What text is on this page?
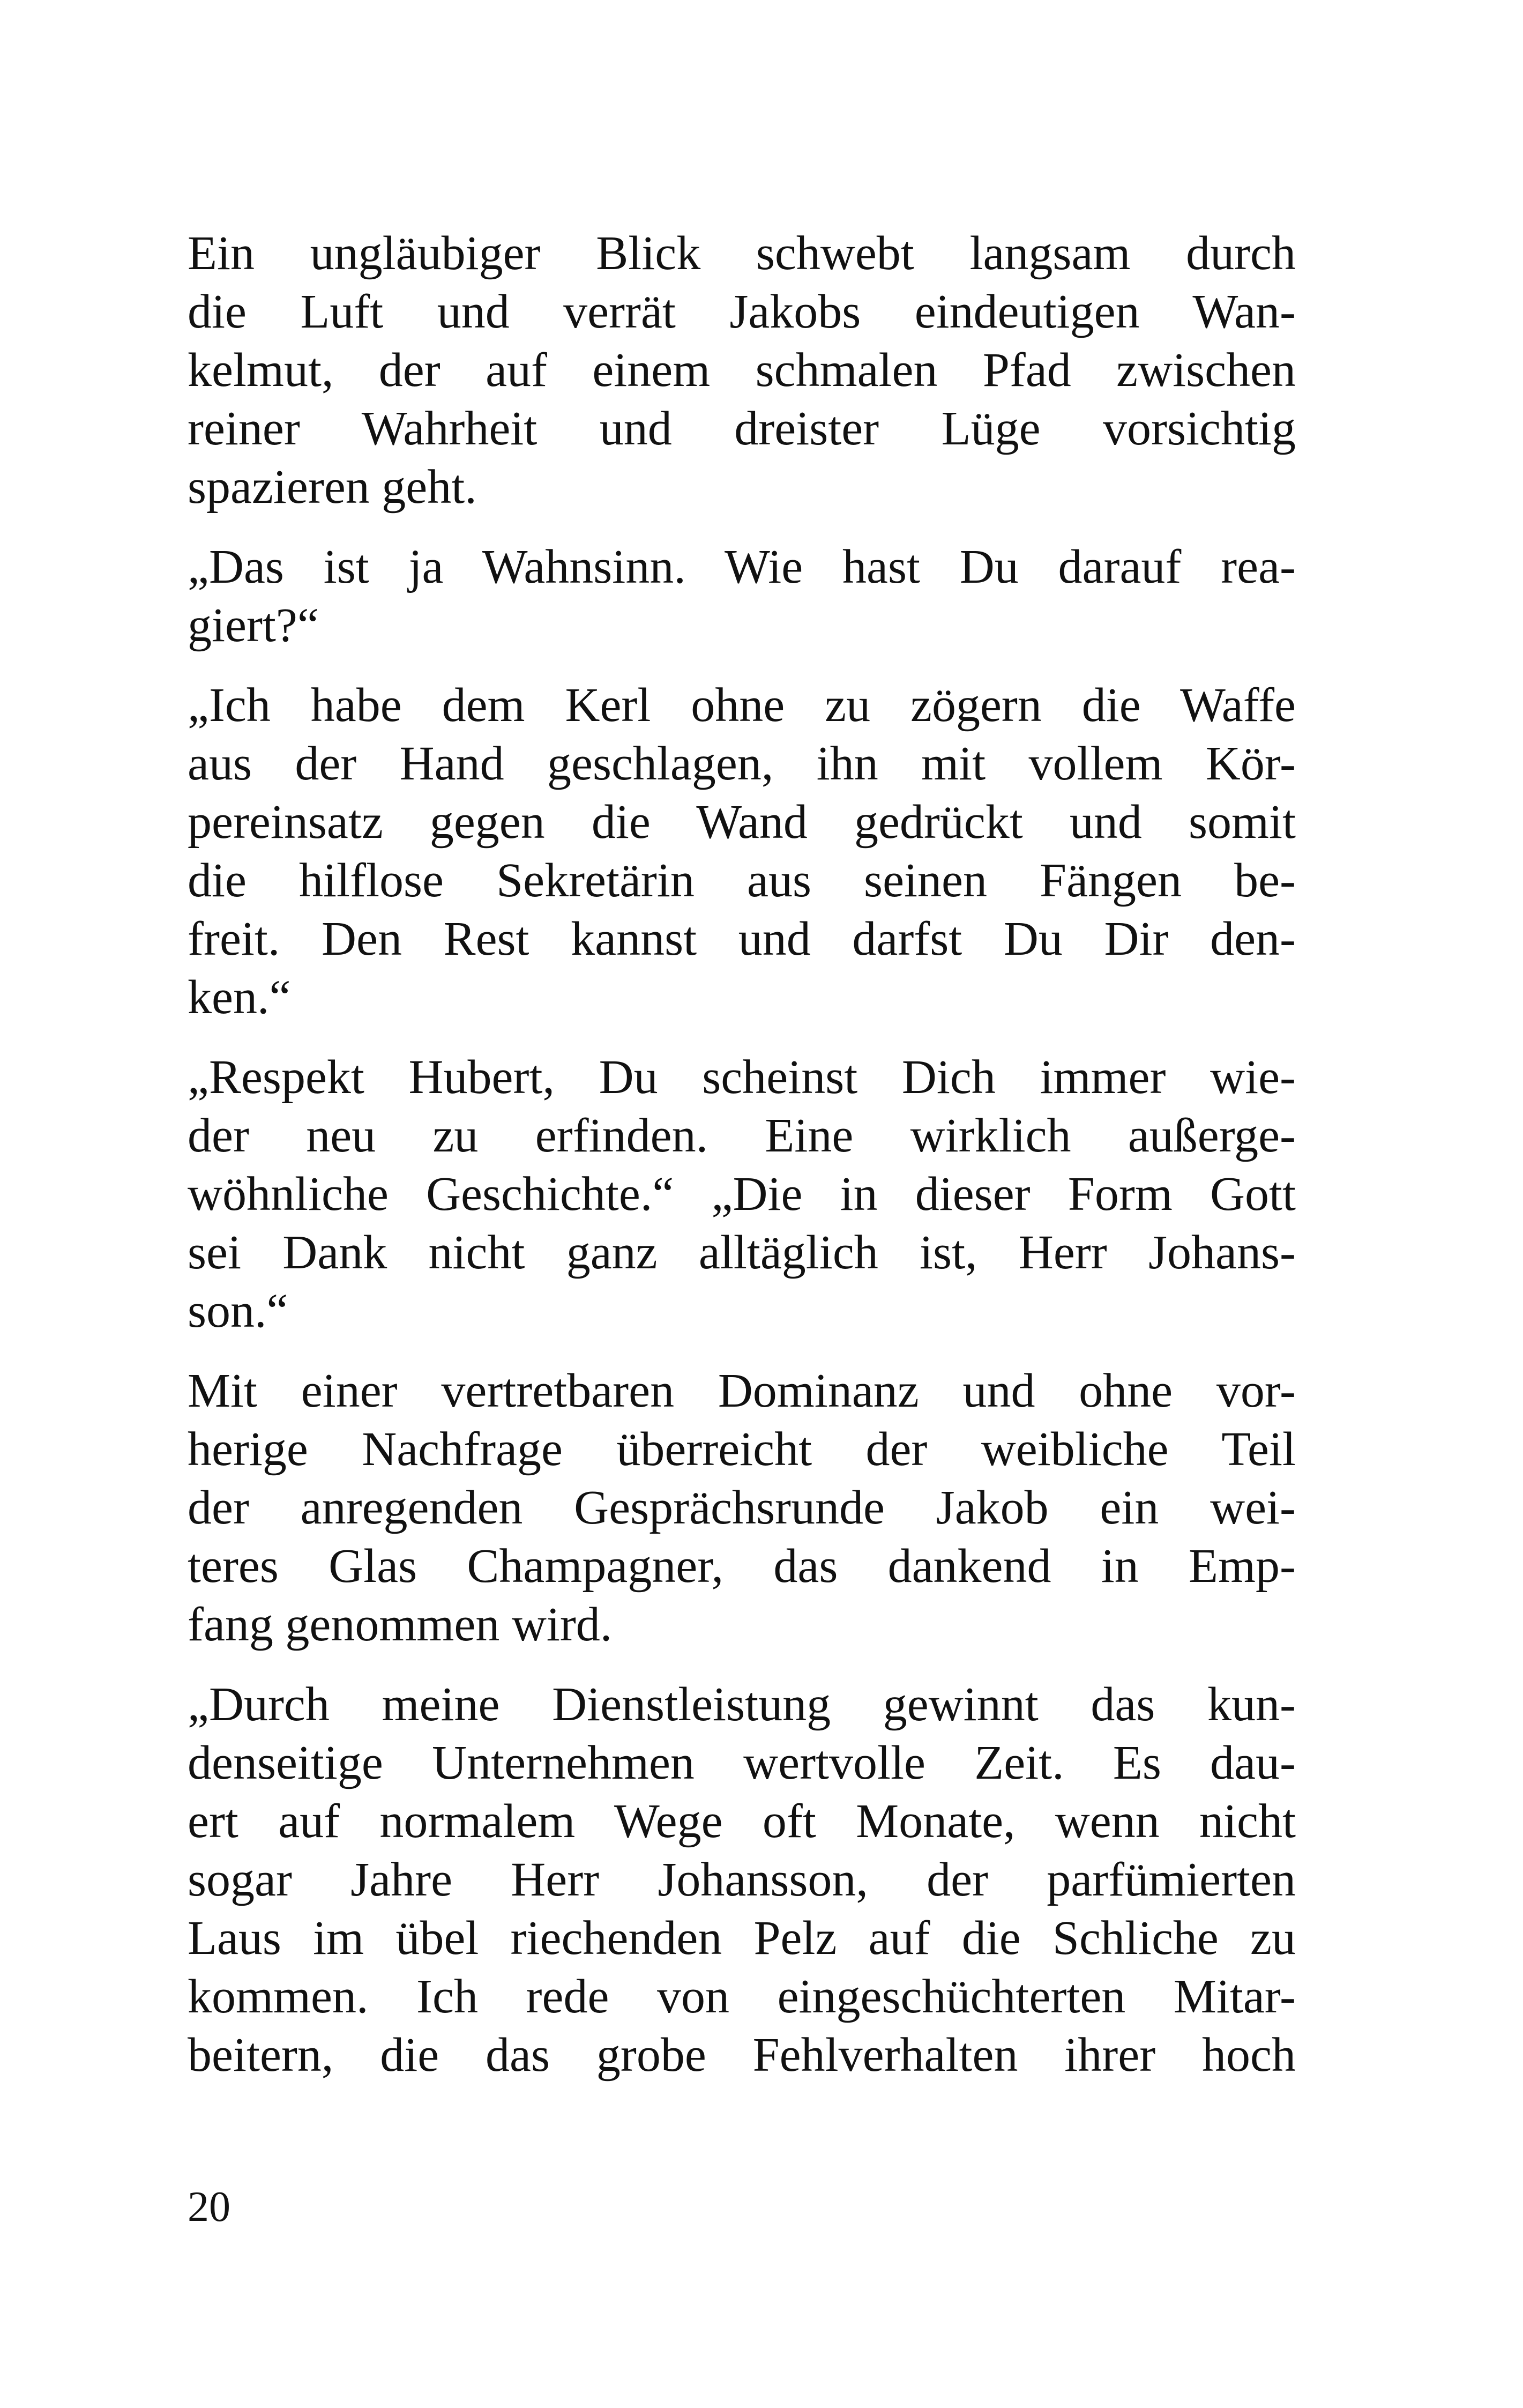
Ein ungläubiger Blick schwebt langsam durch
die Luft und verrät Jakobs eindeutigen Wan-
kelmut, der auf einem schmalen Pfad zwischen
reiner Wahrheit und dreister Lüge vorsichtig
spazieren geht.

„Das ist ja Wahnsinn. Wie hast Du darauf rea-
giert?“

„Ich habe dem Kerl ohne zu zögern die Waffe
aus der Hand geschlagen, ihn mit vollem Kör-
pereinsatz gegen die Wand gedrückt und somit
die hilflose Sekretärin aus seinen Fängen be-
freit. Den Rest kannst und darfst Du Dir den-
ken.“

„Respekt Hubert, Du scheinst Dich immer wie-
der neu zu erfinden. Eine wirklich außerge-
wöhnliche Geschichte.“ „Die in dieser Form Gott
sei Dank nicht ganz alltäglich ist, Herr Johans-
son.“

Mit einer vertretbaren Dominanz und ohne vor-
herige Nachfrage überreicht der weibliche Teil
der anregenden Gesprächsrunde Jakob ein wei-
teres Glas Champagner, das dankend in Emp-
fang genommen wird.

„Durch meine Dienstleistung gewinnt das kun-
denseitige Unternehmen wertvolle Zeit. Es dau-
ert auf normalem Wege oft Monate, wenn nicht
sogar Jahre Herr Johansson, der parfümierten
Laus im übel riechenden Pelz auf die Schliche zu
kommen. Ich rede von eingeschüchterten Mitar-
beitern, die das grobe Fehlverhalten ihrer hoch

20
